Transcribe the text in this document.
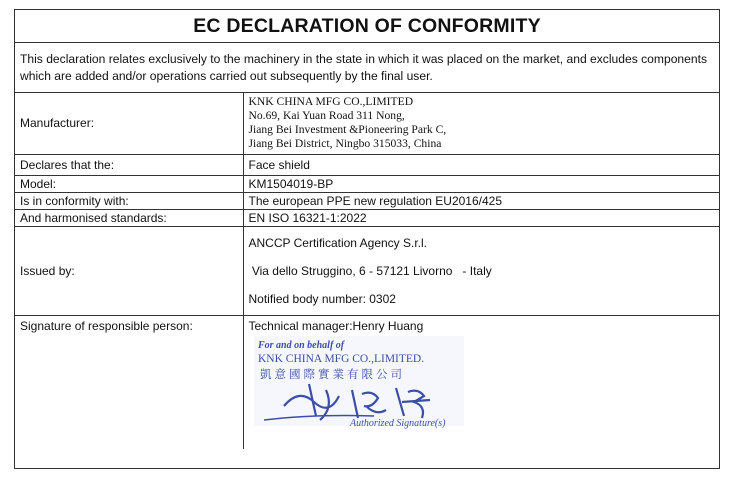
EC DECLARATION OF CONFORMITY
This declaration relates exclusively to the machinery in the state in which it was placed on the market, and excludes components which are added and/or operations carried out subsequently by the final user.
Manufacturer:	KNK CHINA MFG CO.,LIMITED
No.69, Kai Yuan Road 311 Nong,
Jiang Bei Investment &Pioneering Park C,
Jiang Bei District, Ningbo 315033, China

Declares that the:	Face shield
Model:	KM1504019-BP
Is in conformity with:	The european PPE new regulation EU2016/425
And harmonised standards:	EN ISO 16321-1:2022
Issued by:	ANCCP Certification Agency S.r.l.
Via dello Struggino, 6 - 57121 Livorno   - Italy
Notified body number: 0302

Signature of responsible person:	Technical manager:Henry Huang
For and on behalf of
KNK CHINA MFG CO.,LIMITED.
凱意國際實業有限公司
Authorized Signature(s)
